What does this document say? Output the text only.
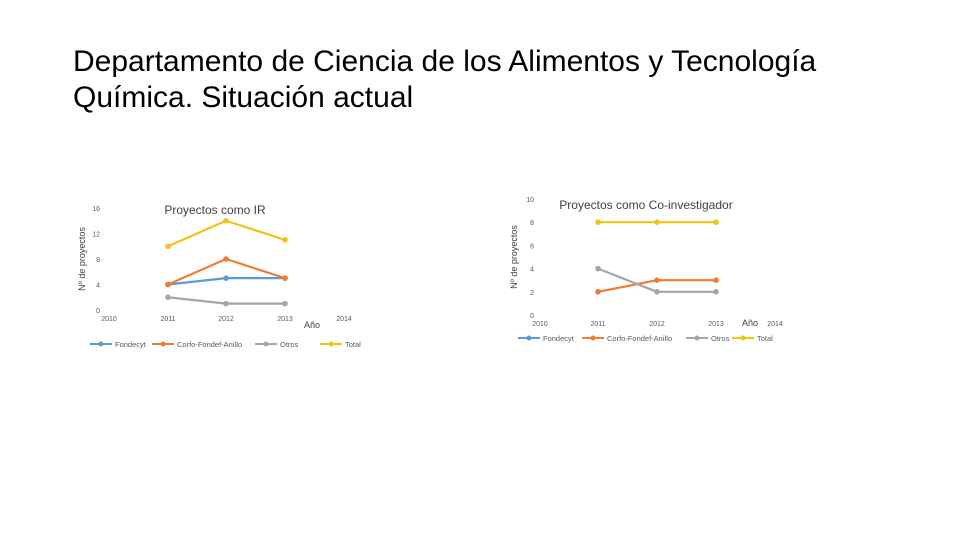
Departamento de Ciencia de los Alimentos y Tecnología
Química. Situación actual
Proyectos como IR
Nº de proyectos
0
4
8
12
16
2010	2011	2012	2013	2014
Año
Fondecyt	Corfo-Fondef-Anillo	Otros	Total
Proyectos como Co-investigador
Nº de proyectos
0
2
4
6
8
10
2010	2011	2012	2013	2014
Año
Fondecyt	Corfo-Fondef-Anillo	Otros	Total
